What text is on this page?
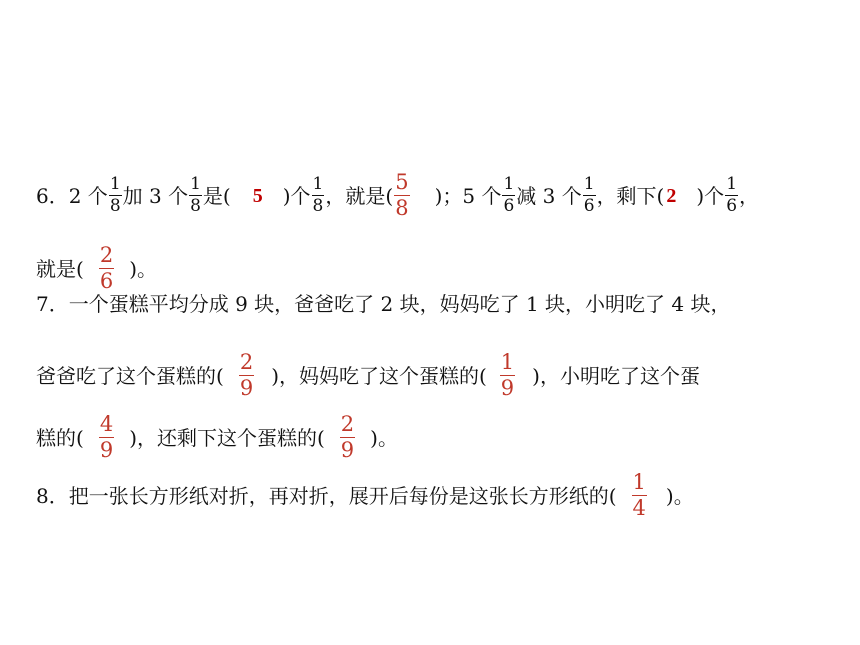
6．2 个 $\frac{1}{8}$ 加 3 个 $\frac{1}{8}$ 是( 5 )个 $\frac{1}{8}$ ，就是( $\frac{5}{8}$ )；5 个 $\frac{1}{6}$ 减 3 个 $\frac{1}{6}$ ，剩下( 2 )个 $\frac{1}{6}$ ，
就是( $\frac{2}{6}$ )。
7．一个蛋糕平均分成 9 块，爸爸吃了 2 块，妈妈吃了 1 块，小明吃了 4 块，
爸爸吃了这个蛋糕的( $\frac{2}{9}$ )，妈妈吃了这个蛋糕的( $\frac{1}{9}$ )，小明吃了这个蛋
糕的( $\frac{4}{9}$ )，还剩下这个蛋糕的( $\frac{2}{9}$ )。
8．把一张长方形纸对折，再对折，展开后每份是这张长方形纸的( $\frac{1}{4}$ )。
